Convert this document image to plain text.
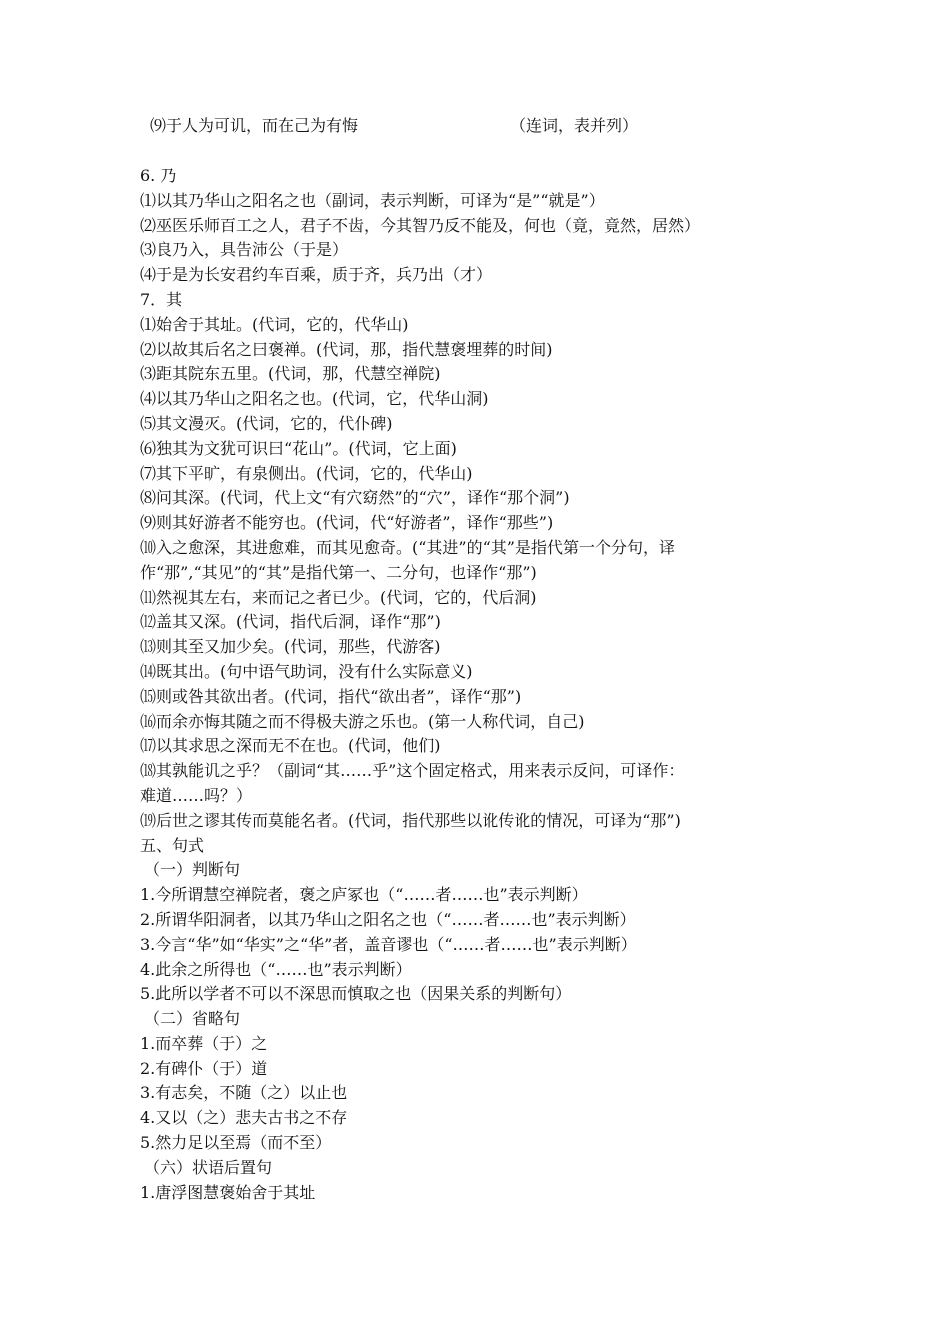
⑼于人为可讥，而在己为有悔	（连词，表并列）
6. 乃
⑴以其乃华山之阳名之也（副词，表示判断，可译为“是”“就是”）
⑵巫医乐师百工之人，君子不齿，今其智乃反不能及，何也（竟，竟然，居然）
⑶良乃入，具告沛公（于是）
⑷于是为长安君约车百乘，质于齐，兵乃出（才）
7．其
⑴始舍于其址。(代词，它的，代华山)
⑵以故其后名之曰褒禅。(代词，那，指代慧褒埋葬的时间)
⑶距其院东五里。(代词，那，代慧空禅院)
⑷以其乃华山之阳名之也。(代词，它，代华山洞)
⑸其文漫灭。(代词，它的，代仆碑)
⑹独其为文犹可识曰“花山”。(代词，它上面)
⑺其下平旷，有泉侧出。(代词，它的，代华山)
⑻问其深。(代词，代上文“有穴窈然”的“穴”，译作“那个洞”)
⑼则其好游者不能穷也。(代词，代“好游者”，译作“那些”)
⑽入之愈深，其进愈难，而其见愈奇。(“其进”的“其”是指代第一个分句，译
作“那”,“其见”的“其”是指代第一、二分句，也译作“那”)
⑾然视其左右，来而记之者已少。(代词，它的，代后洞)
⑿盖其又深。(代词，指代后洞，译作“那”)
⒀则其至又加少矣。(代词，那些，代游客)
⒁既其出。(句中语气助词，没有什么实际意义)
⒂则或咎其欲出者。(代词，指代“欲出者”，译作“那”)
⒃而余亦悔其随之而不得极夫游之乐也。(第一人称代词，自己)
⒄以其求思之深而无不在也。(代词，他们)
⒅其孰能讥之乎？（副词“其……乎”这个固定格式，用来表示反问，可译作：
难道……吗？）
⒆后世之谬其传而莫能名者。(代词，指代那些以讹传讹的情况，可译为“那”)
五、句式
（一）判断句
1.今所谓慧空禅院者，褒之庐冢也（“……者……也”表示判断）
2.所谓华阳洞者，以其乃华山之阳名之也（“……者……也”表示判断）
3.今言“华”如“华实”之“华”者，盖音谬也（“……者……也”表示判断）
4.此余之所得也（“……也”表示判断）
5.此所以学者不可以不深思而慎取之也（因果关系的判断句）
（二）省略句
1.而卒葬（于）之
2.有碑仆（于）道
3.有志矣，不随（之）以止也
4.又以（之）悲夫古书之不存
5.然力足以至焉（而不至）
（六）状语后置句
1.唐浮图慧褒始舍于其址
